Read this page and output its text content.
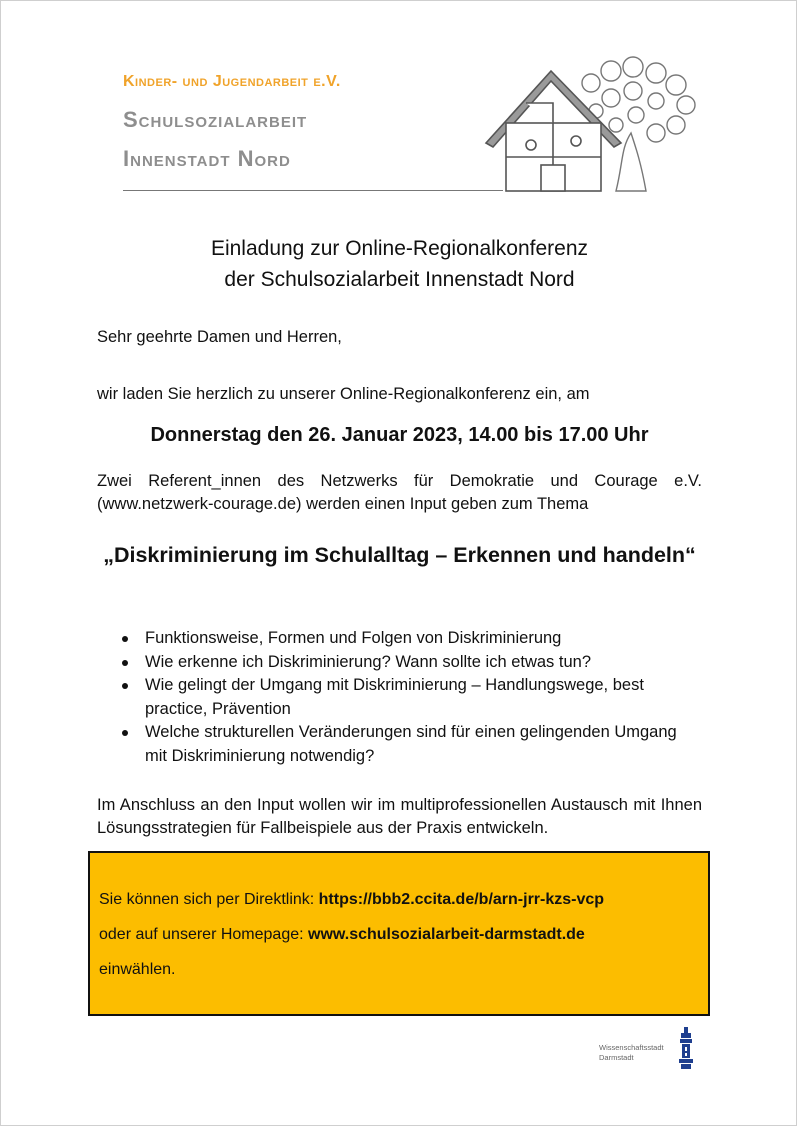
Kinder- und Jugendarbeit e.V.
Schulsozialarbeit
Innenstadt Nord
Einladung zur Online-Regionalkonferenz
der Schulsozialarbeit Innenstadt Nord
Sehr geehrte Damen und Herren,
wir laden Sie herzlich zu unserer Online-Regionalkonferenz ein, am
Donnerstag den 26. Januar 2023, 14.00 bis 17.00 Uhr
Zwei Referent_innen des Netzwerks für Demokratie und Courage e.V. (www.netzwerk-courage.de) werden einen Input geben zum Thema
„Diskriminierung im Schulalltag – Erkennen und handeln“
Funktionsweise, Formen und Folgen von Diskriminierung
Wie erkenne ich Diskriminierung? Wann sollte ich etwas tun?
Wie gelingt der Umgang mit Diskriminierung – Handlungswege, best practice, Prävention
Welche strukturellen Veränderungen sind für einen gelingenden Umgang mit Diskriminierung notwendig?
Im Anschluss an den Input wollen wir im multiprofessionellen Austausch mit Ihnen Lösungsstrategien für Fallbeispiele aus der Praxis entwickeln.
Sie können sich per Direktlink: https://bbb2.ccita.de/b/arn-jrr-kzs-vcp
oder auf unserer Homepage: www.schulsozialarbeit-darmstadt.de
einwählen.
Wissenschaftsstadt
Darmstadt
